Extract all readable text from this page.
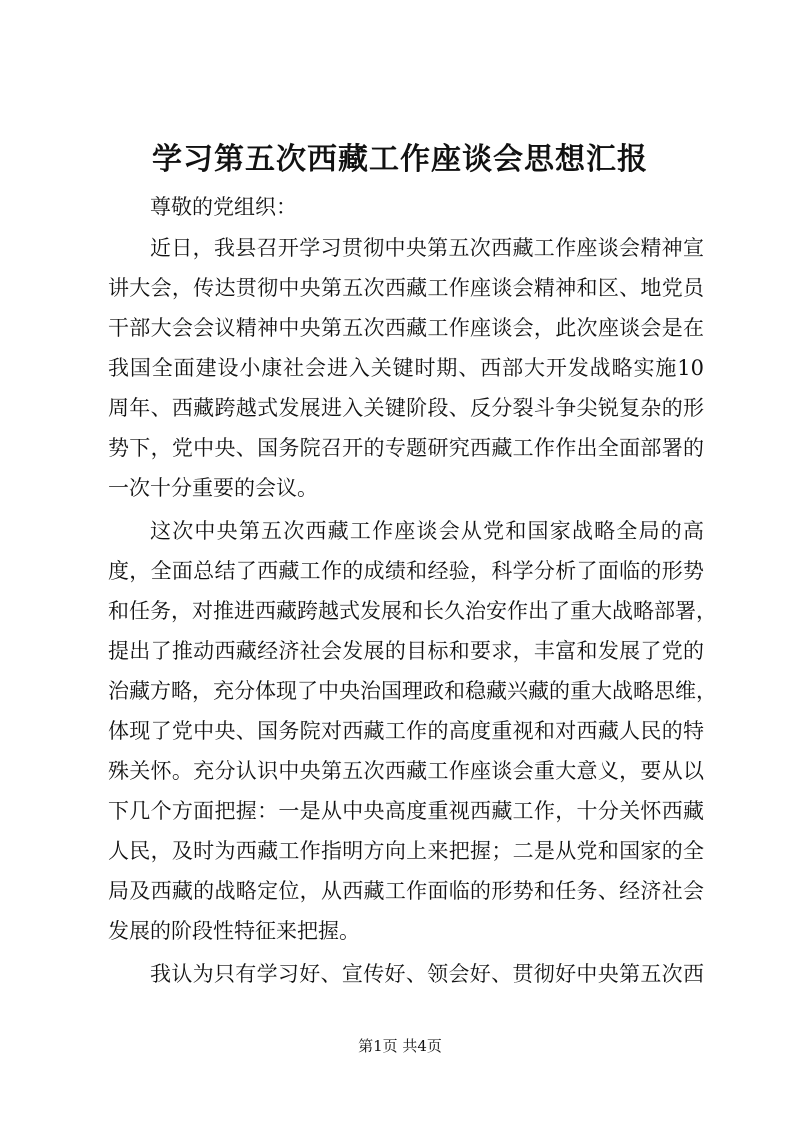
学习第五次西藏工作座谈会思想汇报
尊敬的党组织：
近日，我县召开学习贯彻中央第五次西藏工作座谈会精神宣
讲大会，传达贯彻中央第五次西藏工作座谈会精神和区、地党员
干部大会会议精神中央第五次西藏工作座谈会，此次座谈会是在
我国全面建设小康社会进入关键时期、西部大开发战略实施10
周年、西藏跨越式发展进入关键阶段、反分裂斗争尖锐复杂的形
势下，党中央、国务院召开的专题研究西藏工作作出全面部署的
一次十分重要的会议。
这次中央第五次西藏工作座谈会从党和国家战略全局的高
度，全面总结了西藏工作的成绩和经验，科学分析了面临的形势
和任务，对推进西藏跨越式发展和长久治安作出了重大战略部署，
提出了推动西藏经济社会发展的目标和要求，丰富和发展了党的
治藏方略，充分体现了中央治国理政和稳藏兴藏的重大战略思维，
体现了党中央、国务院对西藏工作的高度重视和对西藏人民的特
殊关怀。充分认识中央第五次西藏工作座谈会重大意义，要从以
下几个方面把握：一是从中央高度重视西藏工作，十分关怀西藏
人民，及时为西藏工作指明方向上来把握；二是从党和国家的全
局及西藏的战略定位，从西藏工作面临的形势和任务、经济社会
发展的阶段性特征来把握。
我认为只有学习好、宣传好、领会好、贯彻好中央第五次西
第1页 共4页
